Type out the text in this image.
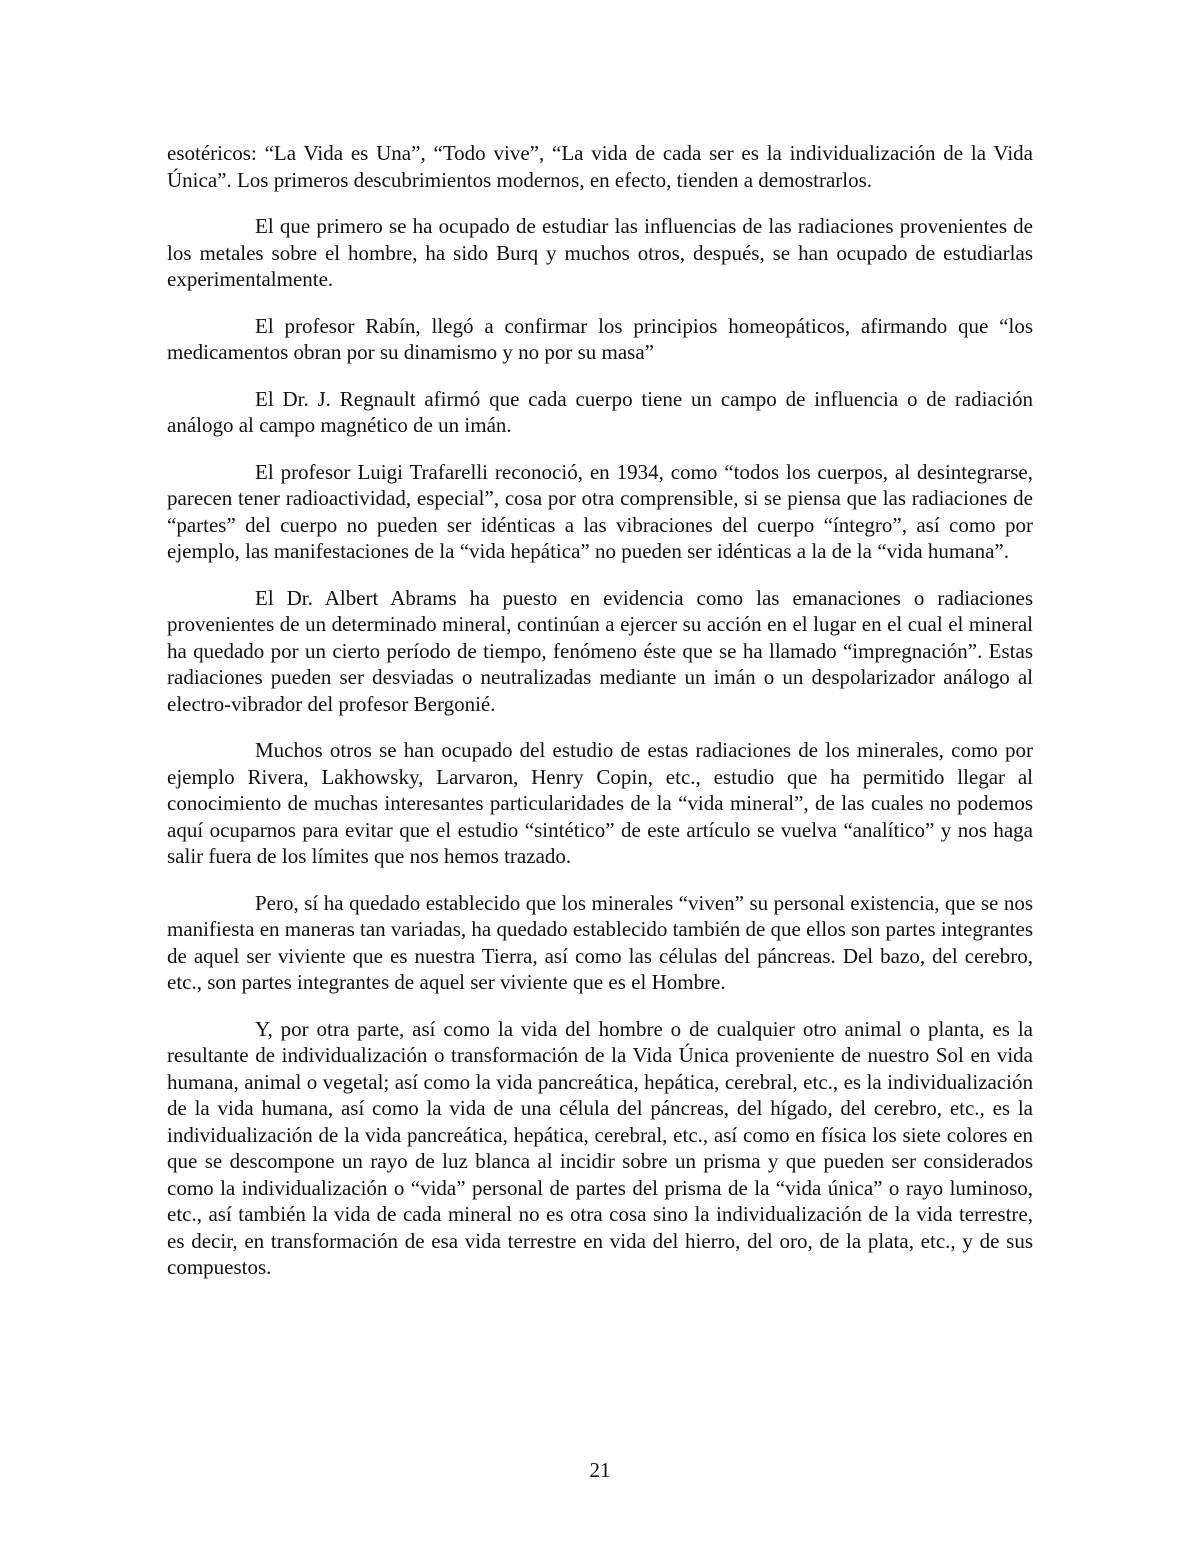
esotéricos: “La Vida es Una”, “Todo vive”, “La vida de cada ser es la individualización de la Vida Única”. Los primeros descubrimientos modernos, en efecto, tienden a demostrarlos.

El que primero se ha ocupado de estudiar las influencias de las radiaciones provenientes de los metales sobre el hombre, ha sido Burq y muchos otros, después, se han ocupado de estudiarlas experimentalmente.

El profesor Rabín, llegó a confirmar los principios homeopáticos, afirmando que “los medicamentos obran por su dinamismo y no por su masa”

El Dr. J. Regnault afirmó que cada cuerpo tiene un campo de influencia o de radiación análogo al campo magnético de un imán.

El profesor Luigi Trafarelli reconoció, en 1934, como “todos los cuerpos, al desintegrarse, parecen tener radioactividad, especial”, cosa por otra comprensible, si se piensa que las radiaciones de “partes” del cuerpo no pueden ser idénticas a las vibraciones del cuerpo “íntegro”, así como por ejemplo, las manifestaciones de la “vida hepática” no pueden ser idénticas a la de la “vida humana”.

El Dr. Albert Abrams ha puesto en evidencia como las emanaciones o radiaciones provenientes de un determinado mineral, continúan a ejercer su acción en el lugar en el cual el mineral ha quedado por un cierto período de tiempo, fenómeno éste que se ha llamado “impregnación”. Estas radiaciones pueden ser desviadas o neutralizadas mediante un imán o un despolarizador análogo al electro-vibrador del profesor Bergonié.

Muchos otros se han ocupado del estudio de estas radiaciones de los minerales, como por ejemplo Rivera, Lakhowsky, Larvaron, Henry Copin, etc., estudio que ha permitido llegar al conocimiento de muchas interesantes particularidades de la “vida mineral”, de las cuales no podemos aquí ocuparnos para evitar que el estudio “sintético” de este artículo se vuelva “analítico” y nos haga salir fuera de los límites que nos hemos trazado.

Pero, sí ha quedado establecido que los minerales “viven” su personal existencia, que se nos manifiesta en maneras tan variadas, ha quedado establecido también de que ellos son partes integrantes de aquel ser viviente que es nuestra Tierra, así como las células del páncreas. Del bazo, del cerebro, etc., son partes integrantes de aquel ser viviente que es el Hombre.

Y, por otra parte, así como la vida del hombre o de cualquier otro animal o planta, es la resultante de individualización o transformación de la Vida Única proveniente de nuestro Sol en vida humana, animal o vegetal; así como la vida pancreática, hepática, cerebral, etc., es la individualización de la vida humana, así como la vida de una célula del páncreas, del hígado, del cerebro, etc., es la individualización de la vida pancreática, hepática, cerebral, etc., así como en física los siete colores en que se descompone un rayo de luz blanca al incidir sobre un prisma y que pueden ser considerados como la individualización o “vida” personal de partes del prisma de la “vida única” o rayo luminoso, etc., así también la vida de cada mineral no es otra cosa sino la individualización de la vida terrestre, es decir, en transformación de esa vida terrestre en vida del hierro, del oro, de la plata, etc., y de sus compuestos.

21
